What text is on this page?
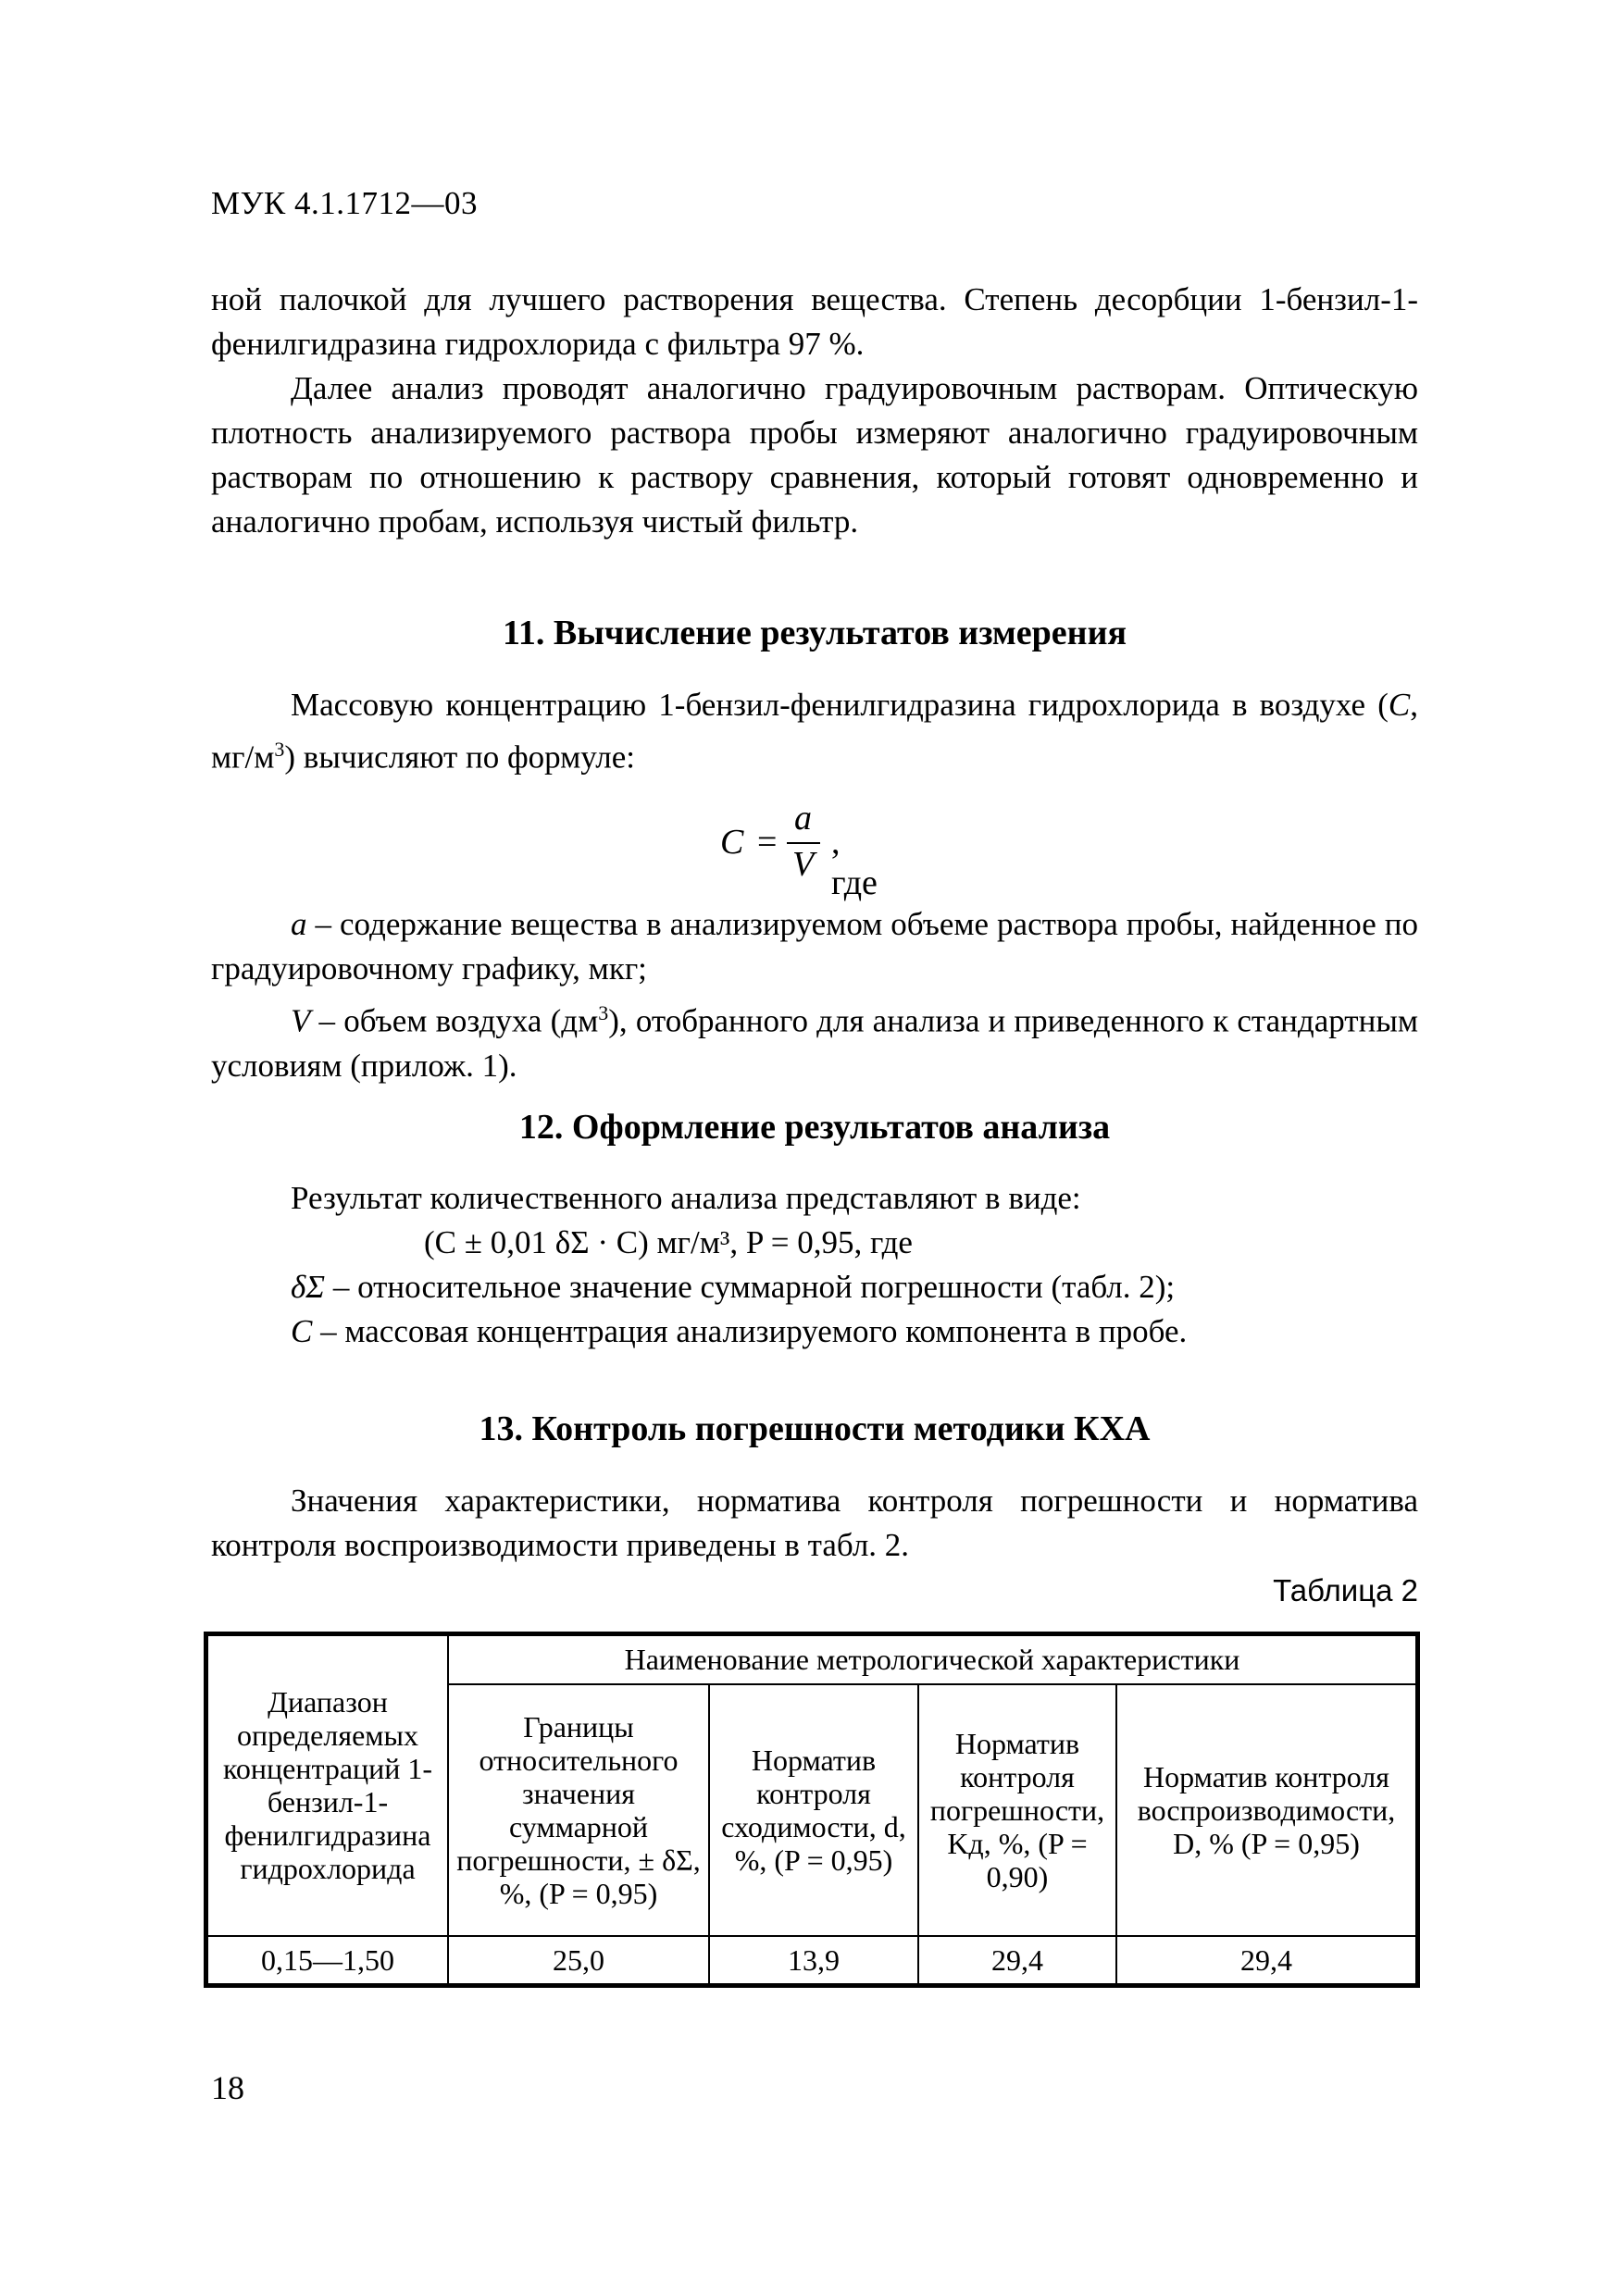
МУК 4.1.1712—03

ной палочкой для лучшего растворения вещества. Степень десорбции 1-бензил-1-фенилгидразина гидрохлорида с фильтра 97 %.

Далее анализ проводят аналогично градуировочным растворам. Оптическую плотность анализируемого раствора пробы измеряют аналогично градуировочным растворам по отношению к раствору сравнения, который готовят одновременно и аналогично пробам, используя чистый фильтр.

11. Вычисление результатов измерения

Массовую концентрацию 1-бензил-фенилгидразина гидрохлорида в воздухе (C, $мг/м^3$) вычисляют по формуле:

C =
a
V
, где

a – содержание вещества в анализируемом объеме раствора пробы, найденное по градуировочному графику, мкг;

V – объем воздуха $(дм^3)$, отобранного для анализа и приведенного к стандартным условиям (прилож. 1).

12. Оформление результатов анализа

Результат количественного анализа представляют в виде:

(C ± 0,01 δΣ · C) мг/м³, P = 0,95, где

δΣ – относительное значение суммарной погрешности (табл. 2);

C – массовая концентрация анализируемого компонента в пробе.

13. Контроль погрешности методики КХА

Значения характеристики, норматива контроля погрешности и норматива контроля воспроизводимости приведены в табл. 2.

Таблица 2
Диапазон определяемых концентраций 1-бензил-1-фенилгидразина гидрохлорида	Наименование метрологической характеристики			
	Границы относительного значения суммарной погрешности, ± δΣ, %, (P = 0,95)	Норматив контроля сходимости, d, %, (P = 0,95)	Норматив контроля погрешности, Kд, %, (P = 0,90)	Норматив контроля воспроизводимости, D, % (P = 0,95)
0,15—1,50	25,0	13,9	29,4	29,4
18
